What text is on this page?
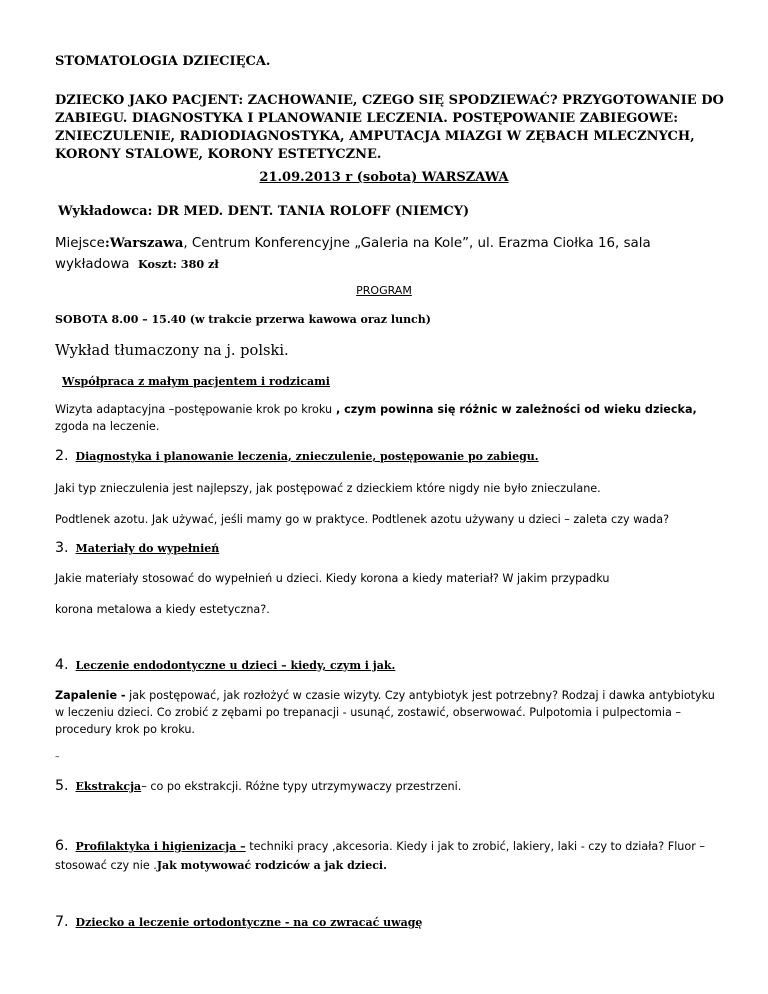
STOMATOLOGIA DZIECIĘCA.
DZIECKO JAKO PACJENT: ZACHOWANIE, CZEGO SIĘ SPODZIEWAĆ? PRZYGOTOWANIE DO ZABIEGU. DIAGNOSTYKA I PLANOWANIE LECZENIA. POSTĘPOWANIE ZABIEGOWE: ZNIECZULENIE, RADIODIAGNOSTYKA, AMPUTACJA MIAZGI W ZĘBACH MLECZNYCH, KORONY STALOWE, KORONY ESTETYCZNE.
21.09.2013 r (sobota) WARSZAWA
Wykładowca: DR MED. DENT. TANIA ROLOFF (NIEMCY)
Miejsce:Warszawa, Centrum Konferencyjne „Galeria na Kole”, ul. Erazma Ciołka 16, sala wykładowa Koszt: 380 zł
PROGRAM
SOBOTA 8.00 – 15.40 (w trakcie przerwa kawowa oraz lunch)
Wykład tłumaczony na j. polski.
Współpraca z małym pacjentem i rodzicami
Wizyta adaptacyjna –postępowanie krok po kroku , czym powinna się różnic w zależności od wieku dziecka,
zgoda na leczenie.
2. Diagnostyka i planowanie leczenia, znieczulenie, postępowanie po zabiegu.
Jaki typ znieczulenia jest najlepszy, jak postępować z dzieckiem które nigdy nie było znieczulane.
Podtlenek azotu. Jak używać, jeśli mamy go w praktyce. Podtlenek azotu używany u dzieci – zaleta czy wada?
3. Materiały do wypełnień
Jakie materiały stosować do wypełnień u dzieci. Kiedy korona a kiedy materiał? W jakim przypadku
korona metalowa a kiedy estetyczna?.
4. Leczenie endodontyczne u dzieci – kiedy, czym i jak.
Zapalenie - jak postępować, jak rozłożyć w czasie wizyty. Czy antybiotyk jest potrzebny? Rodzaj i dawka antybiotyku w leczeniu dzieci. Co zrobić z zębami po trepanacji - usunąć, zostawić, obserwować. Pulpotomia i pulpectomia – procedury krok po kroku.
–
5. Ekstrakcja– co po ekstrakcji. Różne typy utrzymywaczy przestrzeni.
6. Profilaktyka i higienizacja – techniki pracy ,akcesoria. Kiedy i jak to zrobić, lakiery, laki - czy to działa? Fluor – stosować czy nie .Jak motywować rodziców a jak dzieci.
7. Dziecko a leczenie ortodontyczne - na co zwracać uwagę
